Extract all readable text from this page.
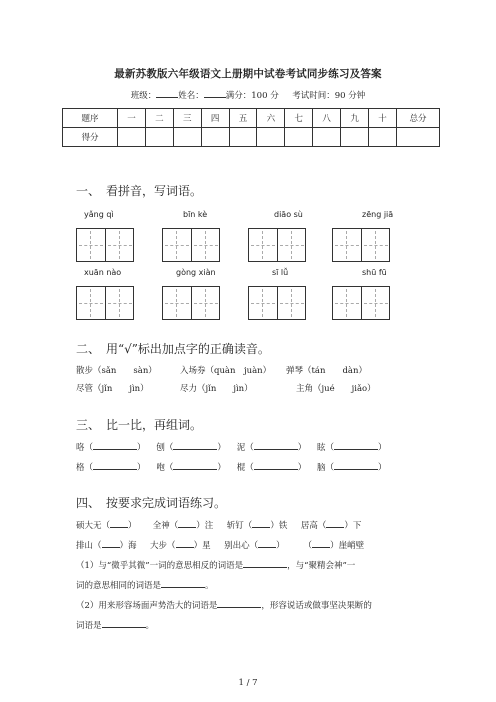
最新苏教版六年级语文上册期中试卷考试同步练习及答案
班级：	姓名：	满分：100 分 考试时间：90 分钟
题序	一	二	三	四	五	六	七	八	九	十	总分
得分											
一、　看拼音，写词语。
yǎng qì	bīn kè	diāo sù	zēng jiā
xuān nào	gòng xiàn	sī lǚ	shū fū
二、　用“√”标出加点字的正确读音。
散步（sǎn　　sàn）	入场券（quàn　juàn） 弹琴（tán　　dàn）
尽管（jǐn　　jìn）	尽力（jǐn　　jìn）	主角（jué　　jiǎo）
三、　比一比，再组词。
咯（	） 刨（	） 泥（	） 眩（	）
格（	） 咆（	） 棍（	） 脑（	）
四、　按要求完成词语练习。
硕大无（ ） 全神（ ）注 斩钉（ ）铁 居高（ ）下
排山（ ）海 大步（ ）星 别出心（ ） （ ）崖峭壁
（1）与“微乎其微”一词的意思相反的词语是	，与“聚精会神”一
词的意思相同的词语是	。
（2）用来形容场面声势浩大的词语是	，形容说话或做事坚决果断的
词语是	。
1 / 7
